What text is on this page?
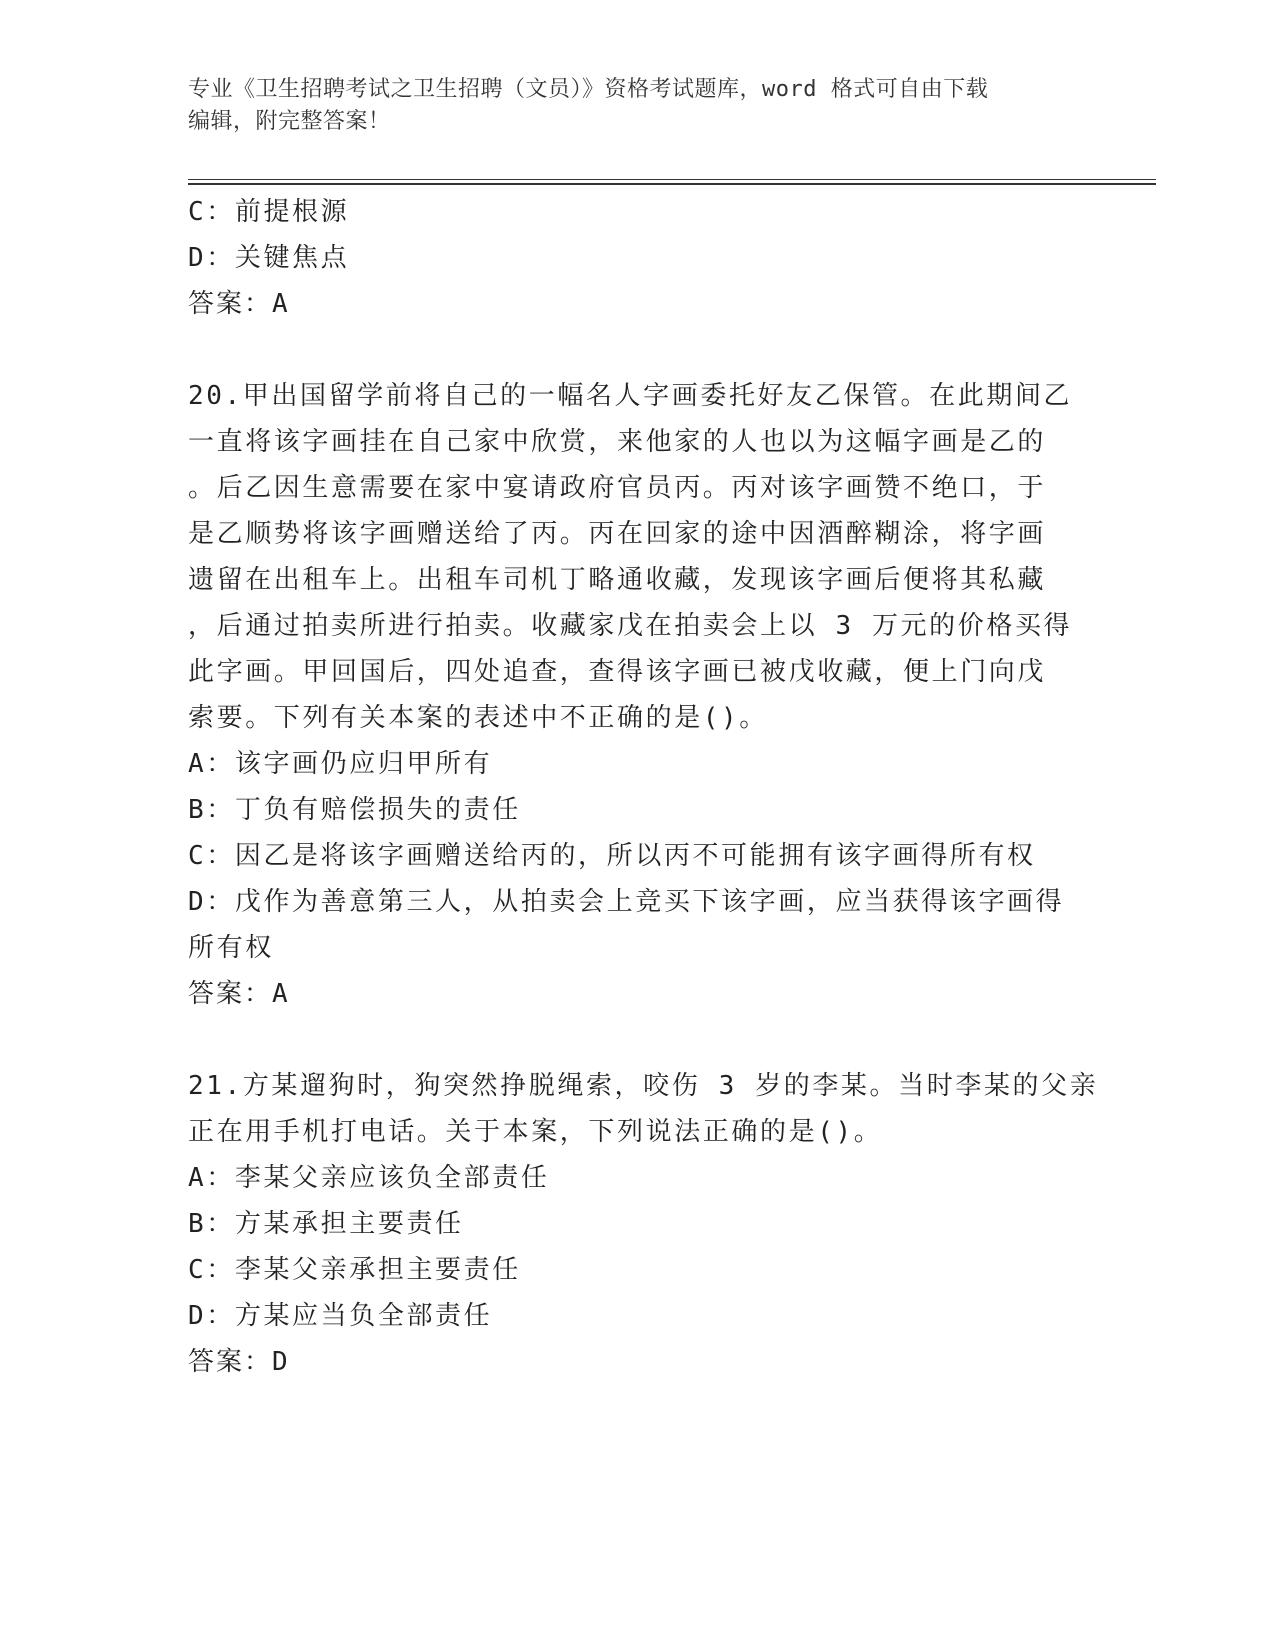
专业《卫生招聘考试之卫生招聘（文员）》资格考试题库，word 格式可自由下载
编辑，附完整答案！
C：前提根源
D：关键焦点
答案：A
20.甲出国留学前将自己的一幅名人字画委托好友乙保管。在此期间乙
一直将该字画挂在自己家中欣赏，来他家的人也以为这幅字画是乙的
。后乙因生意需要在家中宴请政府官员丙。丙对该字画赞不绝口，于
是乙顺势将该字画赠送给了丙。丙在回家的途中因酒醉糊涂，将字画
遗留在出租车上。出租车司机丁略通收藏，发现该字画后便将其私藏
，后通过拍卖所进行拍卖。收藏家戊在拍卖会上以 3 万元的价格买得
此字画。甲回国后，四处追查，查得该字画已被戊收藏，便上门向戊
索要。下列有关本案的表述中不正确的是()。
A：该字画仍应归甲所有
B：丁负有赔偿损失的责任
C：因乙是将该字画赠送给丙的，所以丙不可能拥有该字画得所有权
D：戊作为善意第三人，从拍卖会上竞买下该字画，应当获得该字画得
所有权
答案：A
21.方某遛狗时，狗突然挣脱绳索，咬伤 3 岁的李某。当时李某的父亲
正在用手机打电话。关于本案，下列说法正确的是()。
A：李某父亲应该负全部责任
B：方某承担主要责任
C：李某父亲承担主要责任
D：方某应当负全部责任
答案：D
